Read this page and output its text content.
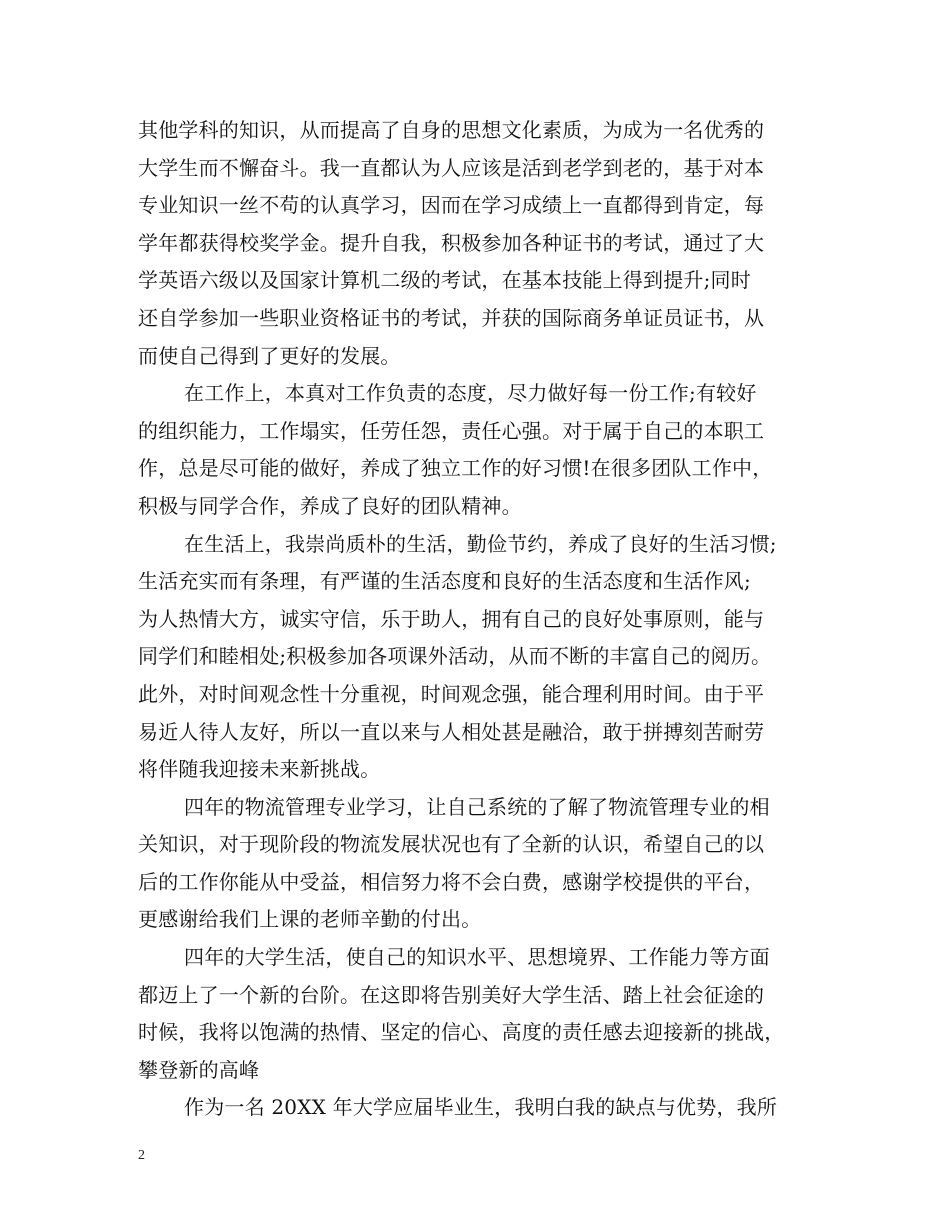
其他学科的知识，从而提高了自身的思想文化素质，为成为一名优秀的
大学生而不懈奋斗。我一直都认为人应该是活到老学到老的，基于对本
专业知识一丝不苟的认真学习，因而在学习成绩上一直都得到肯定，每
学年都获得校奖学金。提升自我，积极参加各种证书的考试，通过了大
学英语六级以及国家计算机二级的考试，在基本技能上得到提升;同时
还自学参加一些职业资格证书的考试，并获的国际商务单证员证书，从
而使自己得到了更好的发展。
在工作上，本真对工作负责的态度，尽力做好每一份工作;有较好
的组织能力，工作塌实，任劳任怨，责任心强。对于属于自己的本职工
作，总是尽可能的做好，养成了独立工作的好习惯!在很多团队工作中，
积极与同学合作，养成了良好的团队精神。
在生活上，我崇尚质朴的生活，勤俭节约，养成了良好的生活习惯;
生活充实而有条理，有严谨的生活态度和良好的生活态度和生活作风;
为人热情大方，诚实守信，乐于助人，拥有自己的良好处事原则，能与
同学们和睦相处;积极参加各项课外活动，从而不断的丰富自己的阅历。
此外，对时间观念性十分重视，时间观念强，能合理利用时间。由于平
易近人待人友好，所以一直以来与人相处甚是融洽，敢于拼搏刻苦耐劳
将伴随我迎接未来新挑战。
四年的物流管理专业学习，让自己系统的了解了物流管理专业的相
关知识，对于现阶段的物流发展状况也有了全新的认识，希望自己的以
后的工作你能从中受益，相信努力将不会白费，感谢学校提供的平台，
更感谢给我们上课的老师辛勤的付出。
四年的大学生活，使自己的知识水平、思想境界、工作能力等方面
都迈上了一个新的台阶。在这即将告别美好大学生活、踏上社会征途的
时候，我将以饱满的热情、坚定的信心、高度的责任感去迎接新的挑战，
攀登新的高峰
作为一名 20XX 年大学应届毕业生，我明白我的缺点与优势，我所
2
